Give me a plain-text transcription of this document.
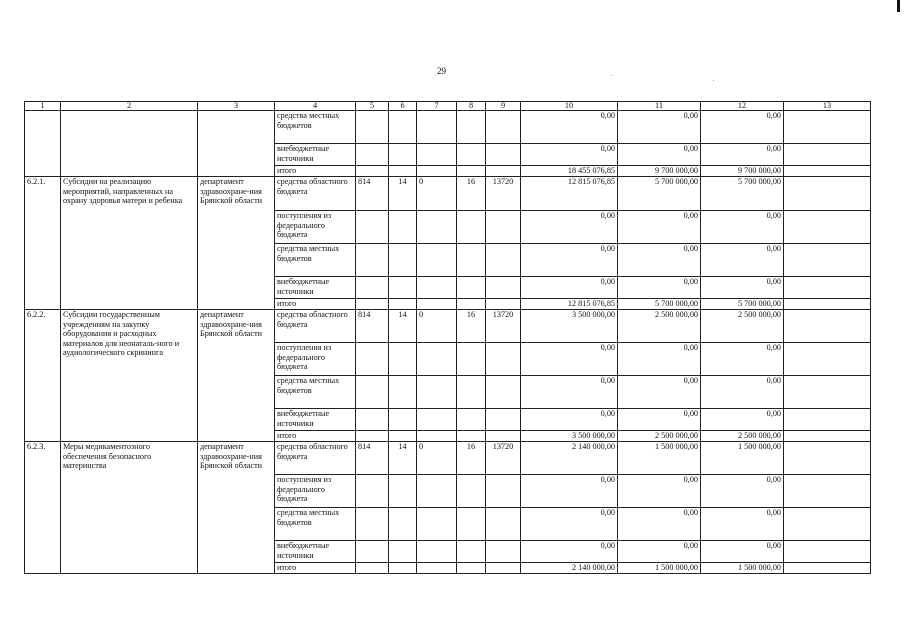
29
1	2	3	4	5	6	7	8	9	10	11	12	13
			средства местных бюджетов						0,00	0,00	0,00	
			внебюджетные источники						0,00	0,00	0,00	
			итого						18 455 076,85	9 700 000,00	9 700 000,00	
6.2.1.	Субсидии на реализацию мероприятий, направленных на охрану здоровья матери и ребенка	департамент здравоохране-ния Брянской области	средства областного бюджета	814	14	0	16	13720	12 815 076,85	5 700 000,00	5 700 000,00	
			поступления из федерального бюджета						0,00	0,00	0,00	
			средства местных бюджетов						0,00	0,00	0,00	
			внебюджетные источники						0,00	0,00	0,00	
			итого						12 815 076,85	5 700 000,00	5 700 000,00	
6.2.2.	Субсидии государственным учреждениям на закупку оборудования и расходных материалов для неонаталь-ного и аудиологического скрининга	департамент здравоохране-ния Брянской области	средства областного бюджета	814	14	0	16	13720	3 500 000,00	2 500 000,00	2 500 000,00	
			поступления из федерального бюджета						0,00	0,00	0,00	
			средства местных бюджетов						0,00	0,00	0,00	
			внебюджетные источники						0,00	0,00	0,00	
			итого						3 500 000,00	2 500 000,00	2 500 000,00	
6.2.3.	Меры медикаментозного обеспечения безопасного материнства	департамент здравоохране-ния Брянской области	средства областного бюджета	814	14	0	16	13720	2 140 000,00	1 500 000,00	1 500 000,00	
			поступления из федерального бюджета						0,00	0,00	0,00	
			средства местных бюджетов						0,00	0,00	0,00	
			внебюджетные источники						0,00	0,00	0,00	
			итого						2 140 000,00	1 500 000,00	1 500 000,00	
